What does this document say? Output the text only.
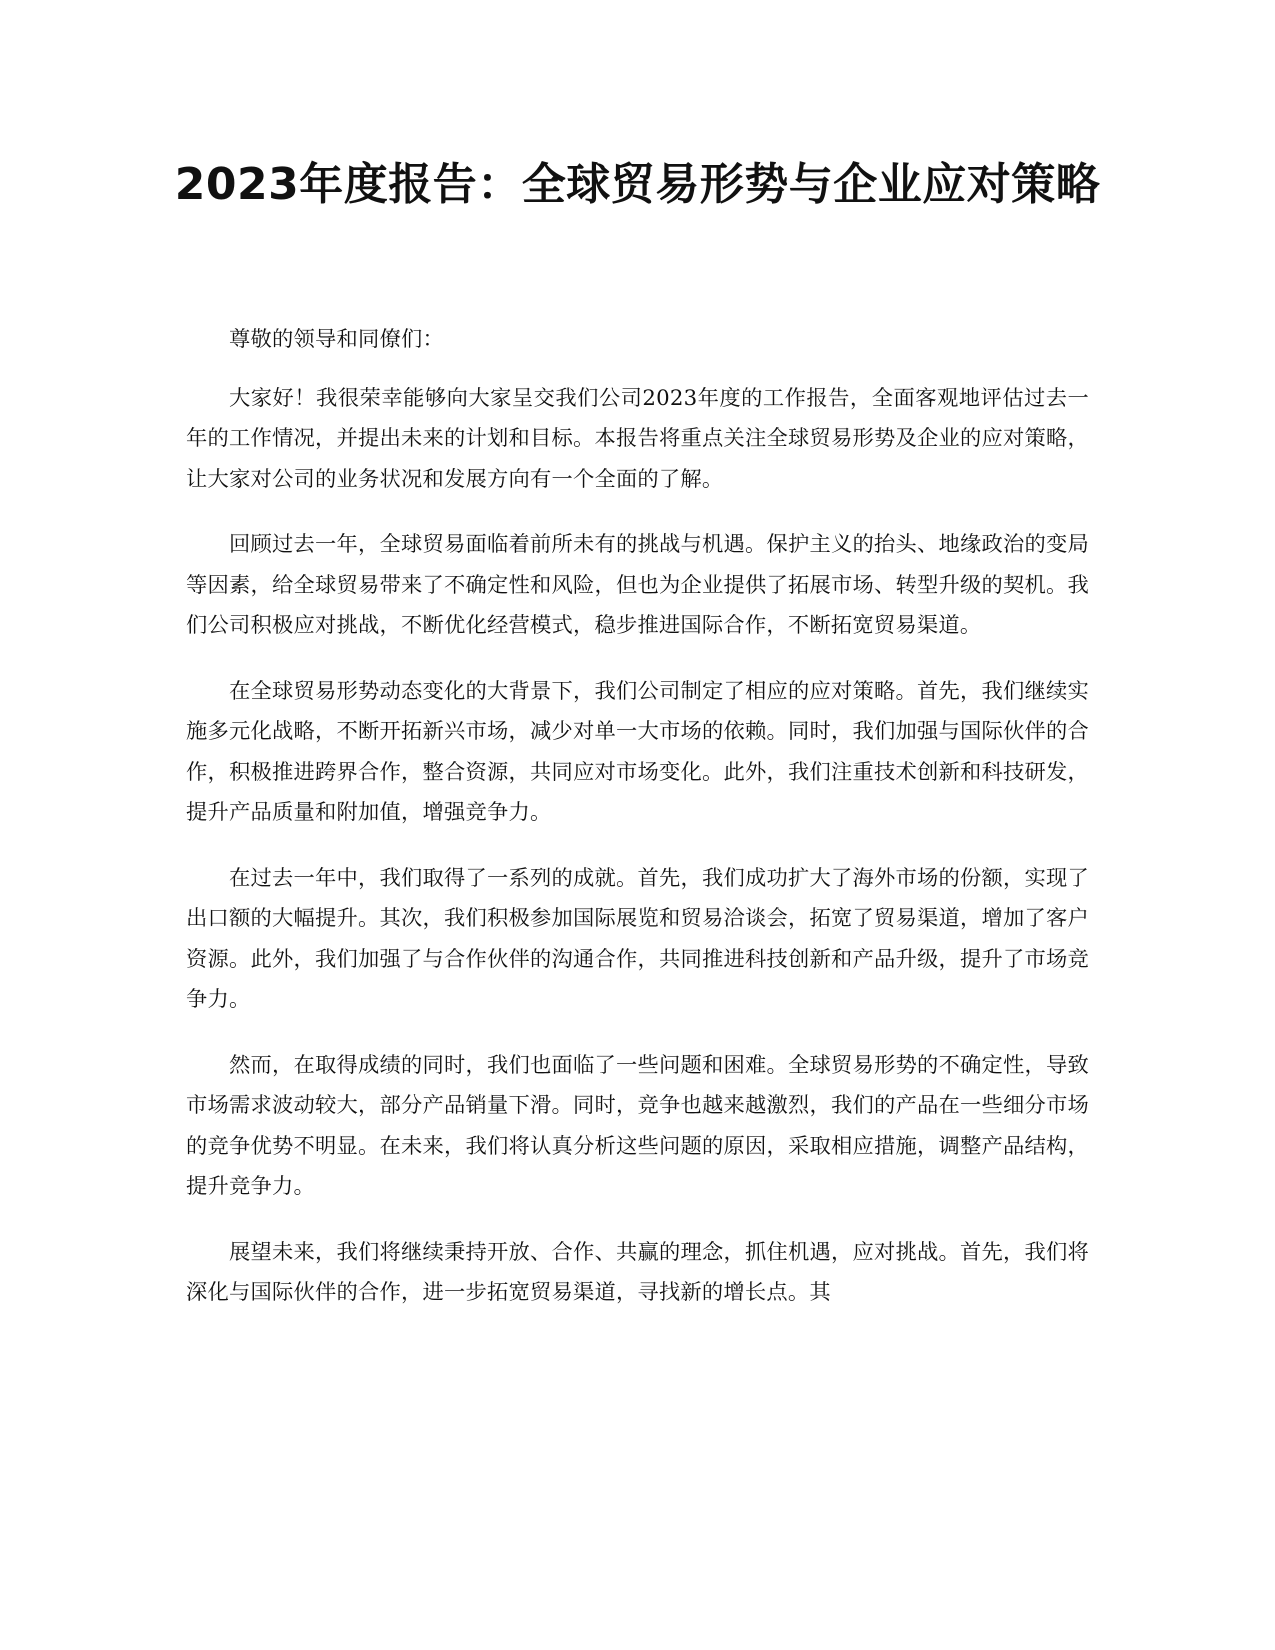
2023年度报告：全球贸易形势与企业应对策略

尊敬的领导和同僚们：

大家好！我很荣幸能够向大家呈交我们公司2023年度的工作报告，全面客观地评估过去一年的工作情况，并提出未来的计划和目标。本报告将重点关注全球贸易形势及企业的应对策略，让大家对公司的业务状况和发展方向有一个全面的了解。

回顾过去一年，全球贸易面临着前所未有的挑战与机遇。保护主义的抬头、地缘政治的变局等因素，给全球贸易带来了不确定性和风险，但也为企业提供了拓展市场、转型升级的契机。我们公司积极应对挑战，不断优化经营模式，稳步推进国际合作，不断拓宽贸易渠道。

在全球贸易形势动态变化的大背景下，我们公司制定了相应的应对策略。首先，我们继续实施多元化战略，不断开拓新兴市场，减少对单一大市场的依赖。同时，我们加强与国际伙伴的合作，积极推进跨界合作，整合资源，共同应对市场变化。此外，我们注重技术创新和科技研发，提升产品质量和附加值，增强竞争力。

在过去一年中，我们取得了一系列的成就。首先，我们成功扩大了海外市场的份额，实现了出口额的大幅提升。其次，我们积极参加国际展览和贸易洽谈会，拓宽了贸易渠道，增加了客户资源。此外，我们加强了与合作伙伴的沟通合作，共同推进科技创新和产品升级，提升了市场竞争力。

然而，在取得成绩的同时，我们也面临了一些问题和困难。全球贸易形势的不确定性，导致市场需求波动较大，部分产品销量下滑。同时，竞争也越来越激烈，我们的产品在一些细分市场的竞争优势不明显。在未来，我们将认真分析这些问题的原因，采取相应措施，调整产品结构，提升竞争力。

展望未来，我们将继续秉持开放、合作、共赢的理念，抓住机遇，应对挑战。首先，我们将深化与国际伙伴的合作，进一步拓宽贸易渠道，寻找新的增长点。其
